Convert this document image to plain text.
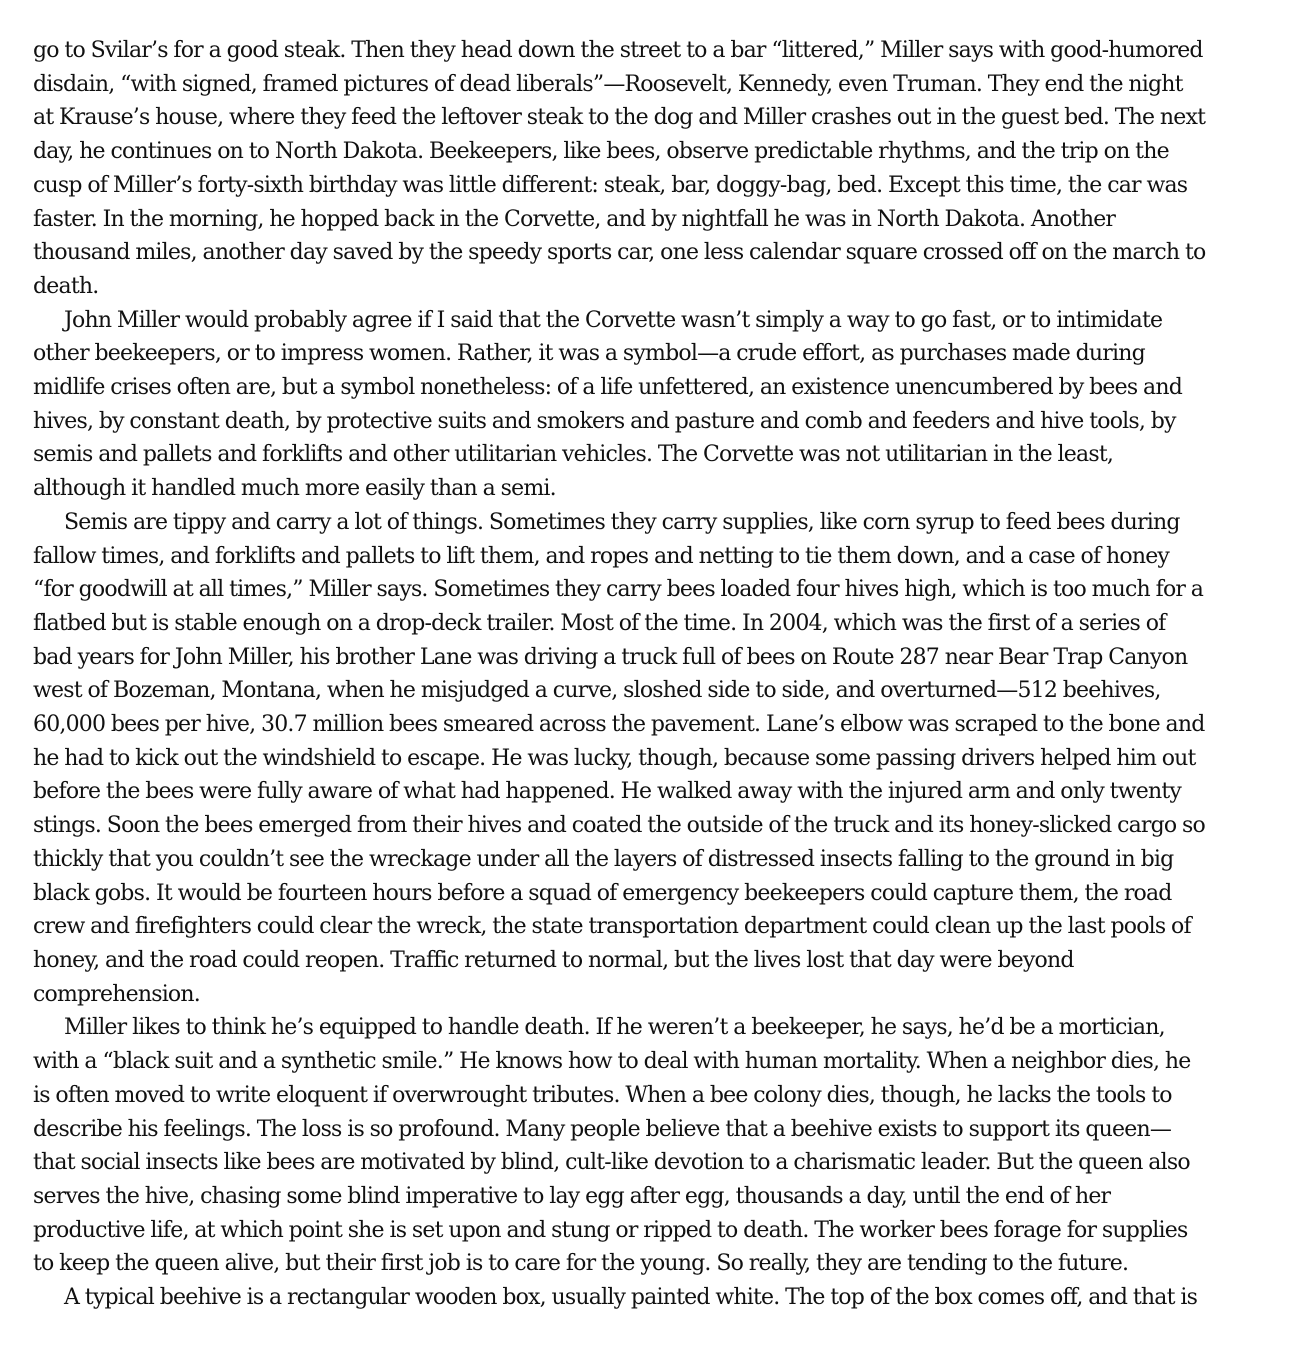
go to Svilar’s for a good steak. Then they head down the street to a bar “littered,” Miller says with good-humored
disdain, “with signed, framed pictures of dead liberals”—Roosevelt, Kennedy, even Truman. They end the night
at Krause’s house, where they feed the leftover steak to the dog and Miller crashes out in the guest bed. The next
day, he continues on to North Dakota. Beekeepers, like bees, observe predictable rhythms, and the trip on the
cusp of Miller’s forty-sixth birthday was little different: steak, bar, doggy-bag, bed. Except this time, the car was
faster. In the morning, he hopped back in the Corvette, and by nightfall he was in North Dakota. Another
thousand miles, another day saved by the speedy sports car, one less calendar square crossed off on the march to
death.

John Miller would probably agree if I said that the Corvette wasn’t simply a way to go fast, or to intimidate
other beekeepers, or to impress women. Rather, it was a symbol—a crude effort, as purchases made during
midlife crises often are, but a symbol nonetheless: of a life unfettered, an existence unencumbered by bees and
hives, by constant death, by protective suits and smokers and pasture and comb and feeders and hive tools, by
semis and pallets and forklifts and other utilitarian vehicles. The Corvette was not utilitarian in the least,
although it handled much more easily than a semi.

Semis are tippy and carry a lot of things. Sometimes they carry supplies, like corn syrup to feed bees during
fallow times, and forklifts and pallets to lift them, and ropes and netting to tie them down, and a case of honey
“for goodwill at all times,” Miller says. Sometimes they carry bees loaded four hives high, which is too much for a
flatbed but is stable enough on a drop-deck trailer. Most of the time. In 2004, which was the first of a series of
bad years for John Miller, his brother Lane was driving a truck full of bees on Route 287 near Bear Trap Canyon
west of Bozeman, Montana, when he misjudged a curve, sloshed side to side, and overturned—512 beehives,
60,000 bees per hive, 30.7 million bees smeared across the pavement. Lane’s elbow was scraped to the bone and
he had to kick out the windshield to escape. He was lucky, though, because some passing drivers helped him out
before the bees were fully aware of what had happened. He walked away with the injured arm and only twenty
stings. Soon the bees emerged from their hives and coated the outside of the truck and its honey-slicked cargo so
thickly that you couldn’t see the wreckage under all the layers of distressed insects falling to the ground in big
black gobs. It would be fourteen hours before a squad of emergency beekeepers could capture them, the road
crew and firefighters could clear the wreck, the state transportation department could clean up the last pools of
honey, and the road could reopen. Traffic returned to normal, but the lives lost that day were beyond
comprehension.

Miller likes to think he’s equipped to handle death. If he weren’t a beekeeper, he says, he’d be a mortician,
with a “black suit and a synthetic smile.” He knows how to deal with human mortality. When a neighbor dies, he
is often moved to write eloquent if overwrought tributes. When a bee colony dies, though, he lacks the tools to
describe his feelings. The loss is so profound. Many people believe that a beehive exists to support its queen—
that social insects like bees are motivated by blind, cult-like devotion to a charismatic leader. But the queen also
serves the hive, chasing some blind imperative to lay egg after egg, thousands a day, until the end of her
productive life, at which point she is set upon and stung or ripped to death. The worker bees forage for supplies
to keep the queen alive, but their first job is to care for the young. So really, they are tending to the future.

A typical beehive is a rectangular wooden box, usually painted white. The top of the box comes off, and that is
